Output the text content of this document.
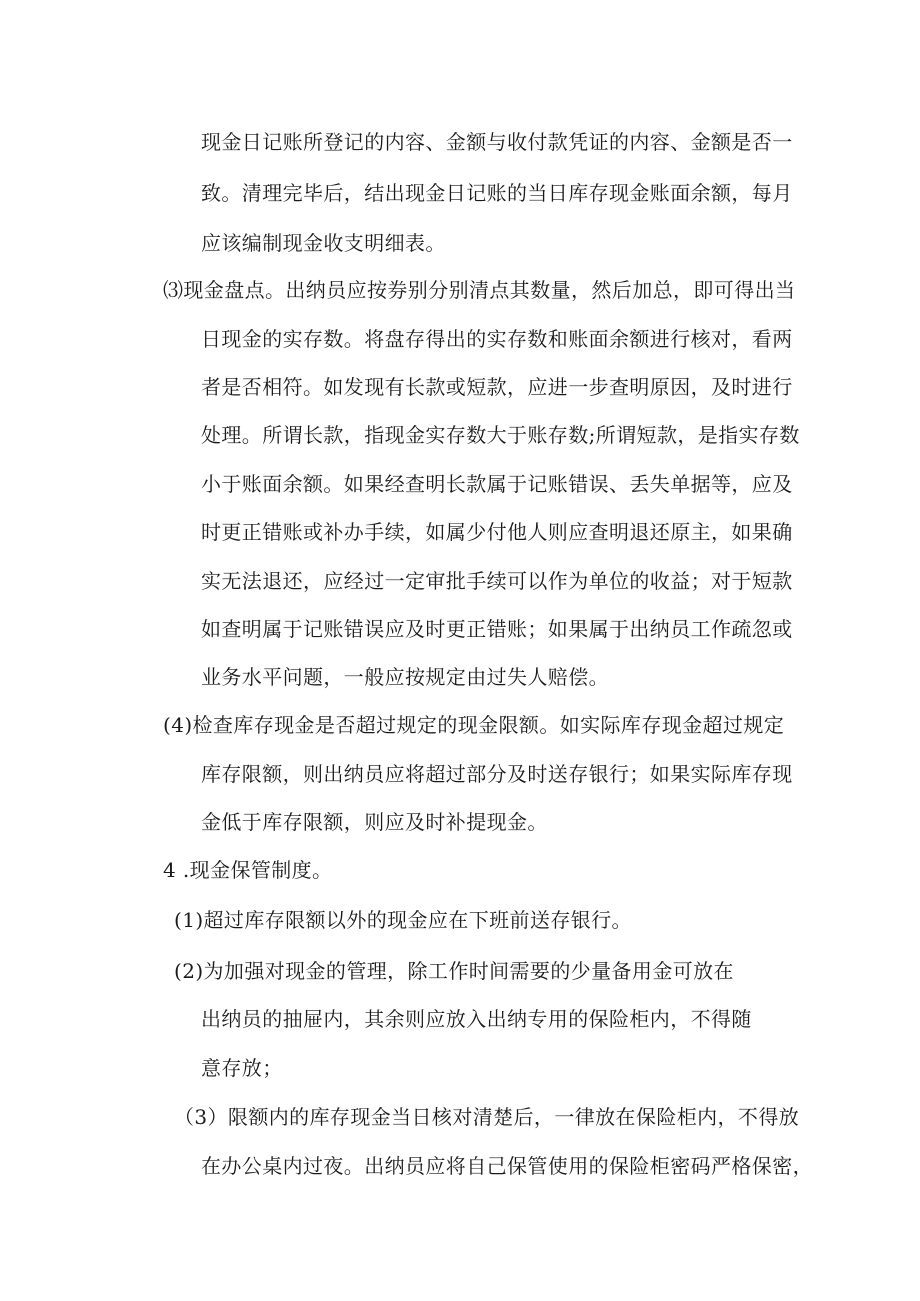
现金日记账所登记的内容、金额与收付款凭证的内容、金额是否一

致。清理完毕后，结出现金日记账的当日库存现金账面余额，每月

应该编制现金收支明细表。

⑶现金盘点。出纳员应按券别分别清点其数量，然后加总，即可得出当

日现金的实存数。将盘存得出的实存数和账面余额进行核对，看两

者是否相符。如发现有长款或短款，应进一步查明原因，及时进行

处理。所谓长款，指现金实存数大于账存数;所谓短款，是指实存数

小于账面余额。如果经查明长款属于记账错误、丢失单据等，应及

时更正错账或补办手续，如属少付他人则应查明退还原主，如果确

实无法退还，应经过一定审批手续可以作为单位的收益；对于短款

如查明属于记账错误应及时更正错账；如果属于出纳员工作疏忽或

业务水平问题，一般应按规定由过失人赔偿。

(4)检查库存现金是否超过规定的现金限额。如实际库存现金超过规定

库存限额，则出纳员应将超过部分及时送存银行；如果实际库存现

金低于库存限额，则应及时补提现金。

4 .现金保管制度。

(1)超过库存限额以外的现金应在下班前送存银行。

(2)为加强对现金的管理，除工作时间需要的少量备用金可放在

出纳员的抽屉内，其余则应放入出纳专用的保险柜内，不得随

意存放；

（3）限额内的库存现金当日核对清楚后，一律放在保险柜内，不得放

在办公桌内过夜。出纳员应将自己保管使用的保险柜密码严格保密，
